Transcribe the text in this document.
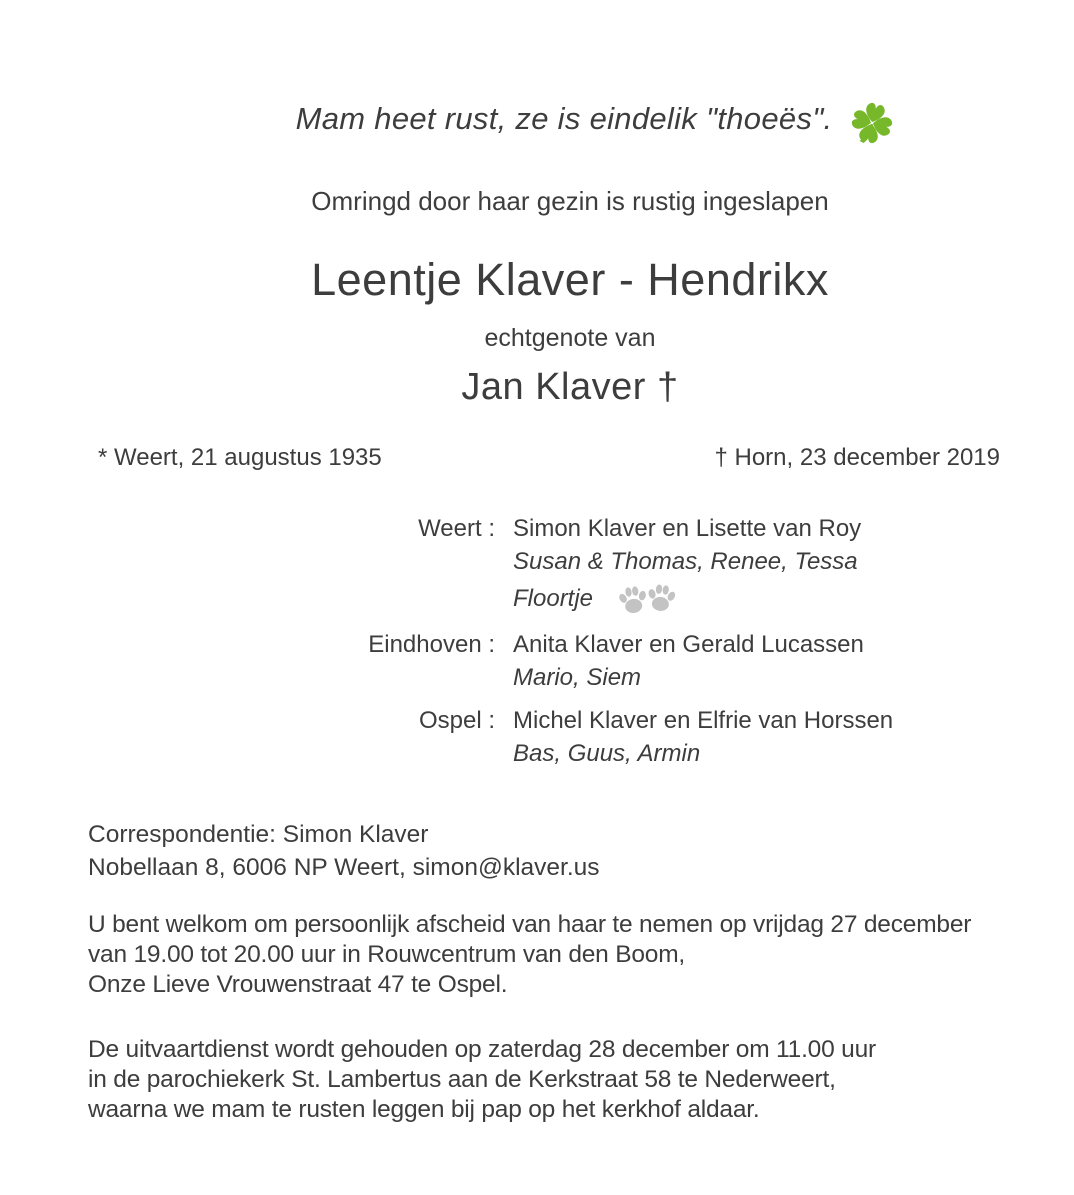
Mam heet rust, ze is eindelik "thoeës".
Omringd door haar gezin is rustig ingeslapen
Leentje Klaver - Hendrikx
echtgenote van
Jan Klaver †
* Weert, 21 augustus 1935	† Horn, 23 december 2019
Weert : Simon Klaver en Lisette van Roy
Susan & Thomas, Renee, Tessa
Floortje
Eindhoven : Anita Klaver en Gerald Lucassen
Mario, Siem
Ospel : Michel Klaver en Elfrie van Horssen
Bas, Guus, Armin
Correspondentie: Simon Klaver
Nobellaan 8, 6006 NP Weert, simon@klaver.us
U bent welkom om persoonlijk afscheid van haar te nemen op vrijdag 27 december
van 19.00 tot 20.00 uur in Rouwcentrum van den Boom,
Onze Lieve Vrouwenstraat 47 te Ospel.
De uitvaartdienst wordt gehouden op zaterdag 28 december om 11.00 uur
in de parochiekerk St. Lambertus aan de Kerkstraat 58 te Nederweert,
waarna we mam te rusten leggen bij pap op het kerkhof aldaar.
